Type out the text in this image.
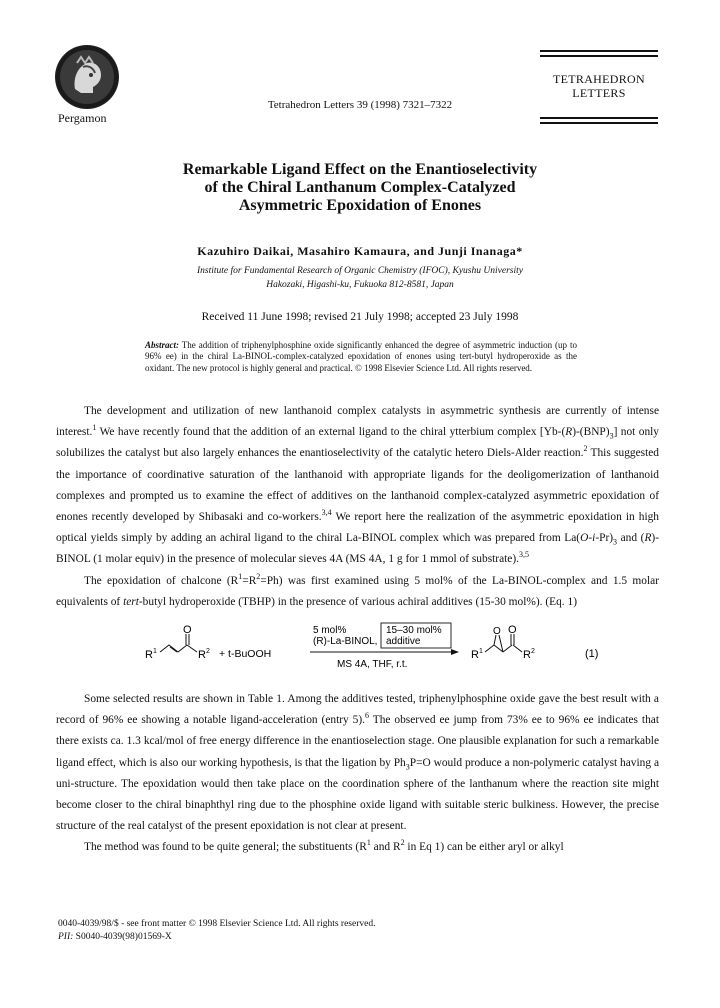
Pergamon
Tetrahedron Letters 39 (1998) 7321–7322
TETRAHEDRON
LETTERS
Remarkable Ligand Effect on the Enantioselectivity
of the Chiral Lanthanum Complex-Catalyzed
Asymmetric Epoxidation of Enones
Kazuhiro Daikai, Masahiro Kamaura, and Junji Inanaga*
Institute for Fundamental Research of Organic Chemistry (IFOC), Kyushu University
Hakozaki, Higashi-ku, Fukuoka 812-8581, Japan
Received 11 June 1998; revised 21 July 1998; accepted 23 July 1998
Abstract: The addition of triphenylphosphine oxide significantly enhanced the degree of asymmetric induction (up to 96% ee) in the chiral La-BINOL-complex-catalyzed epoxidation of enones using tert-butyl hydroperoxide as the oxidant. The new protocol is highly general and practical. © 1998 Elsevier Science Ltd. All rights reserved.

The development and utilization of new lanthanoid complex catalysts in asymmetric synthesis are currently of intense interest.$^1$ We have recently found that the addition of an external ligand to the chiral ytterbium complex $[Yb-(R)-(BNP)_3]$ not only solubilizes the catalyst but also largely enhances the enantioselectivity of the catalytic hetero Diels-Alder reaction.$^2$ This suggested the importance of coordinative saturation of the lanthanoid with appropriate ligands for the deoligomerization of lanthanoid complexes and prompted us to examine the effect of additives on the lanthanoid complex-catalyzed asymmetric epoxidation of enones recently developed by Shibasaki and co-workers.$^{3,4}$ We report here the realization of the asymmetric epoxidation in high optical yields simply by adding an achiral ligand to the chiral La-BINOL complex which was prepared from $La(O-i-Pr)_3$ and (R)-BINOL (1 molar equiv) in the presence of molecular sieves 4A (MS 4A, 1 g for 1 mmol of substrate).$^{3,5}$

The epoxidation of chalcone $(R^1=R^2=Ph)$ was first examined using 5 mol% of the La-BINOL-complex and 1.5 molar equivalents of tert-butyl hydroperoxide (TBHP) in the presence of various achiral additives (15-30 mol%). (Eq. 1)

$R^1$
O
$R^2$ + t-BuOOH
5 mol%
(R)-La-BINOL,
15–30 mol%
additive
MS 4A, THF, r.t.
$R^1$
O O
$R^2$	(1)

Some selected results are shown in Table 1. Among the additives tested, triphenylphosphine oxide gave the best result with a record of 96% ee showing a notable ligand-acceleration (entry 5).$^6$ The observed ee jump from 73% ee to 96% ee indicates that there exists ca. 1.3 kcal/mol of free energy difference in the enantioselection stage. One plausible explanation for such a remarkable ligand effect, which is also our working hypothesis, is that the ligation by $Ph_3P=O$ would produce a non-polymeric catalyst having a uni-structure. The epoxidation would then take place on the coordination sphere of the lanthanum where the reaction site might become closer to the chiral binaphthyl ring due to the phosphine oxide ligand with suitable steric bulkiness. However, the precise structure of the real catalyst of the present epoxidation is not clear at present.

The method was found to be quite general; the substituents ($R^1$ and $R^2$ in Eq 1) can be either aryl or alkyl

0040-4039/98/$ - see front matter © 1998 Elsevier Science Ltd. All rights reserved.
PII: S0040-4039(98)01569-X
